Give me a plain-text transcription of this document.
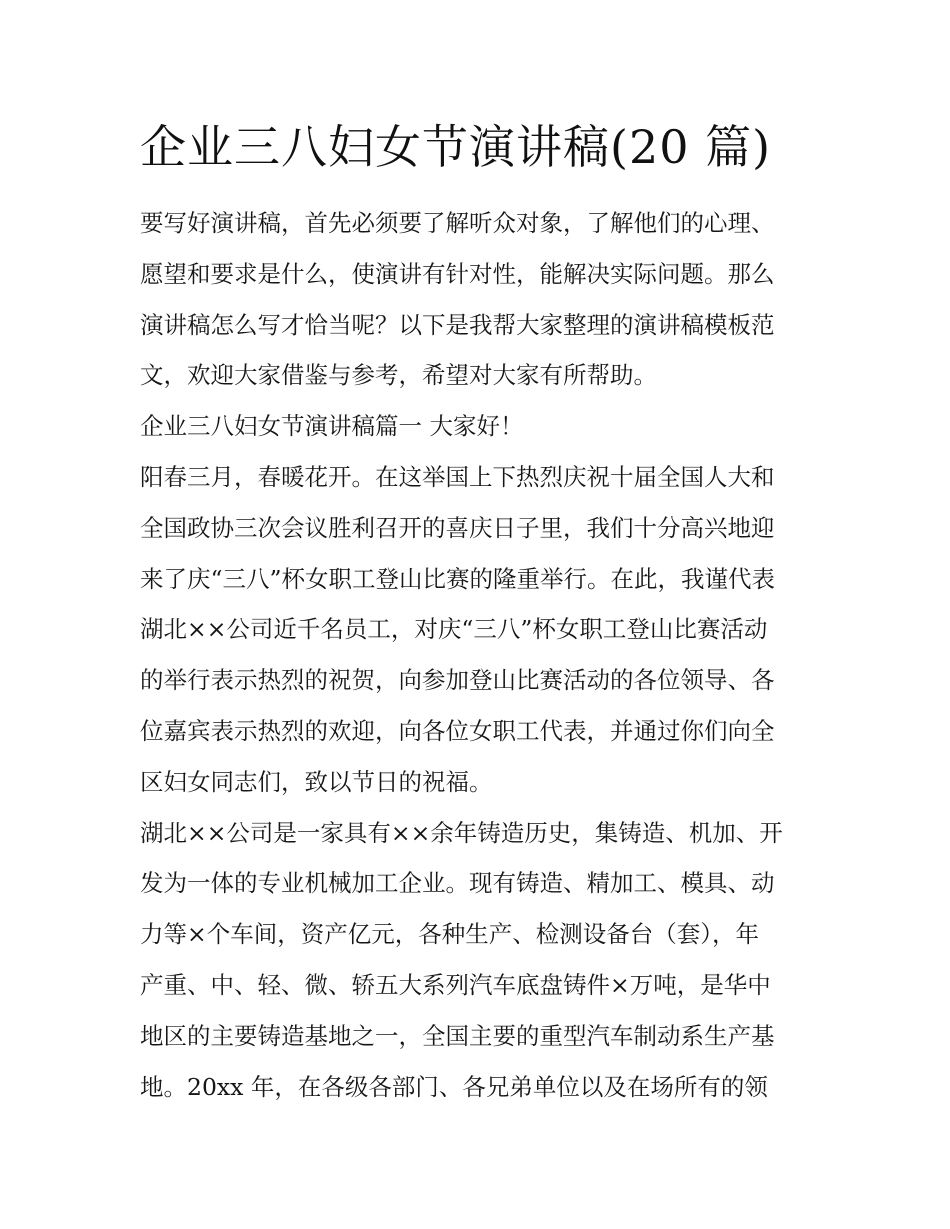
企业三八妇女节演讲稿(20 篇)
要写好演讲稿，首先必须要了解听众对象，了解他们的心理、
愿望和要求是什么，使演讲有针对性，能解决实际问题。那么
演讲稿怎么写才恰当呢？以下是我帮大家整理的演讲稿模板范
文，欢迎大家借鉴与参考，希望对大家有所帮助。
企业三八妇女节演讲稿篇一 大家好！
阳春三月，春暖花开。在这举国上下热烈庆祝十届全国人大和
全国政协三次会议胜利召开的喜庆日子里，我们十分高兴地迎
来了庆“三八”杯女职工登山比赛的隆重举行。在此，我谨代表
湖北××公司近千名员工，对庆“三八”杯女职工登山比赛活动
的举行表示热烈的祝贺，向参加登山比赛活动的各位领导、各
位嘉宾表示热烈的欢迎，向各位女职工代表，并通过你们向全
区妇女同志们，致以节日的祝福。
湖北××公司是一家具有××余年铸造历史，集铸造、机加、开
发为一体的专业机械加工企业。现有铸造、精加工、模具、动
力等×个车间，资产亿元，各种生产、检测设备台（套），年
产重、中、轻、微、轿五大系列汽车底盘铸件×万吨，是华中
地区的主要铸造基地之一，全国主要的重型汽车制动系生产基
地。20xx 年，在各级各部门、各兄弟单位以及在场所有的领
